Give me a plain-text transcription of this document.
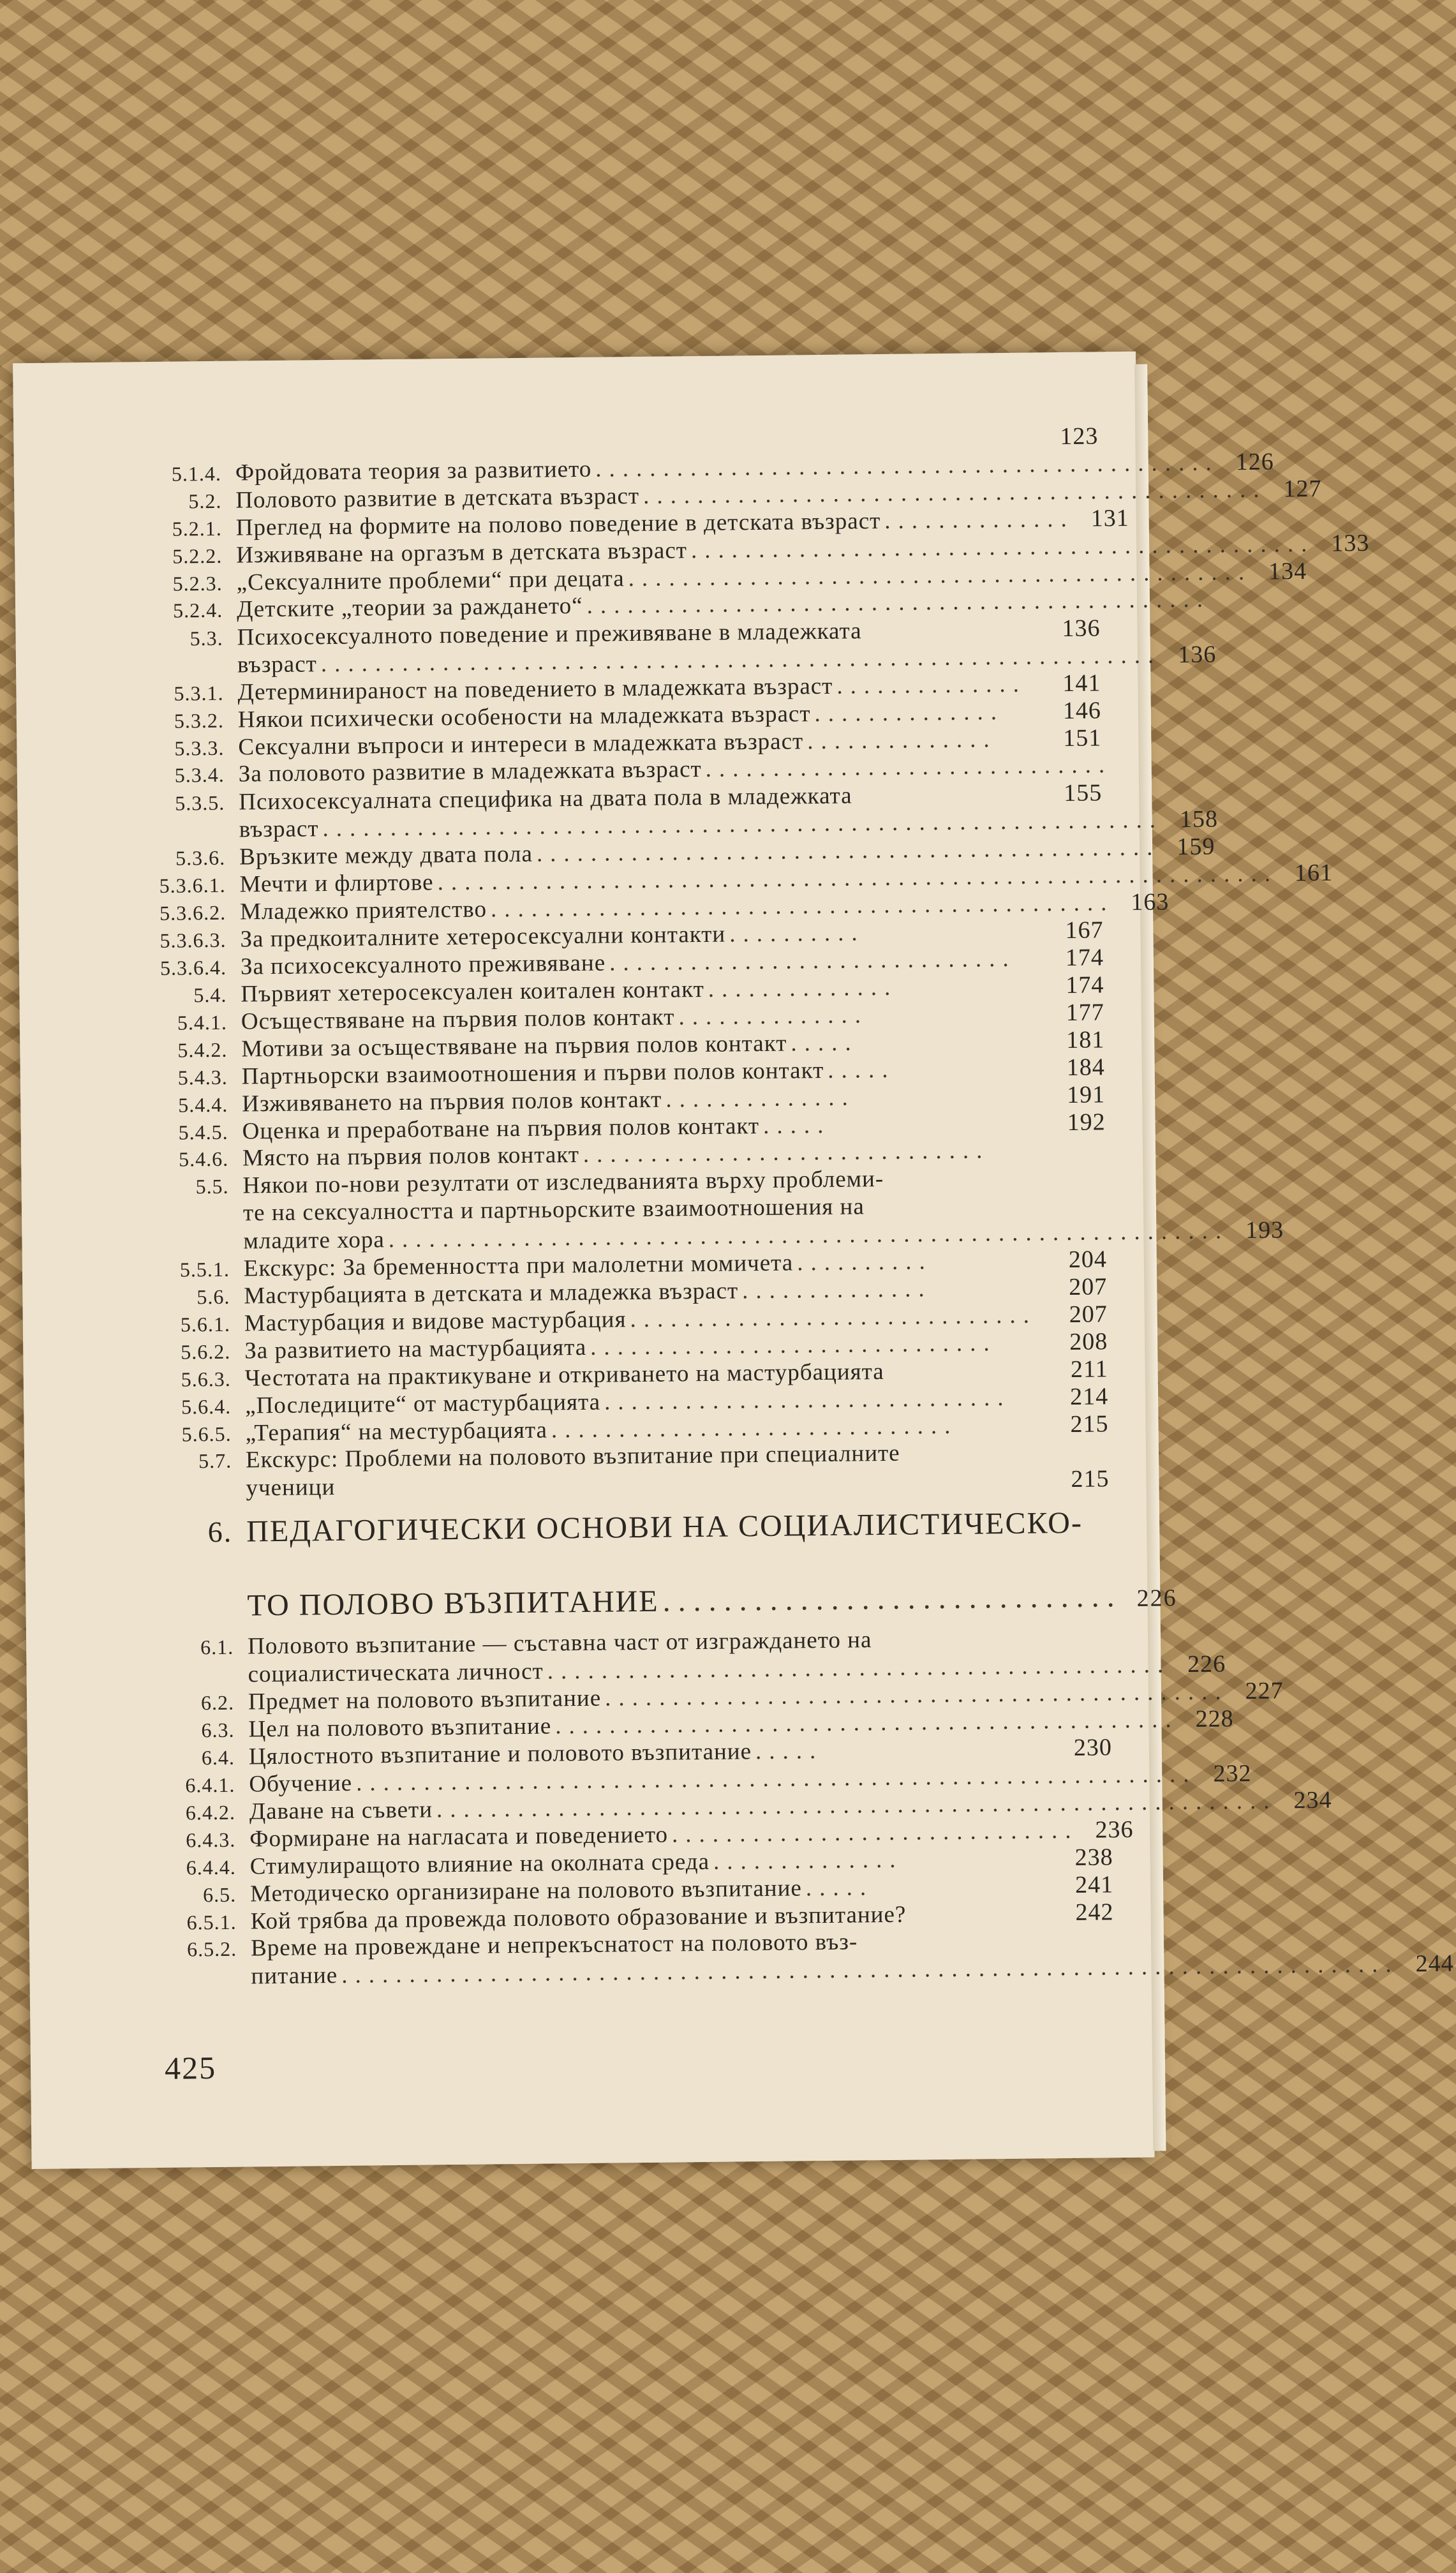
123
5.1.4. Фройдовата теория за развитието .............................................. 126
5.2. Половото развитие в детската възраст .............................................. 127
5.2.1. Преглед на формите на полово поведение в детската възраст .............. 131
5.2.2. Изживяване на оргазъм в детската възраст .............................................. 133
5.2.3. „Сексуалните проблеми“ при децата .............................................. 134
5.2.4. Детските „теории за раждането“ ..............................................
5.3. Психосексуалното поведение и преживяване в младежката	136
възраст .............................................................. 136
5.3.1. Детерминираност на поведението в младежката възраст ..............	141
5.3.2. Някои психически особености на младежката възраст ..............	146
5.3.3. Сексуални въпроси и интереси в младежката възраст ..............	151
5.3.4. За половото развитие в младежката възраст ..............................
5.3.5. Психосексуалната специфика на двата пола в младежката	155
възраст .............................................................. 158
5.3.6. Връзките между двата пола .............................................. 159
5.3.6.1. Мечти и флиртове .............................................................. 161
5.3.6.2. Младежко приятелство .............................................. 163
5.3.6.3. За предкоиталните хетеросексуални контакти ..........	167
5.3.6.4. За психосексуалното преживяване ..............................	174
5.4. Първият хетеросексуален коитален контакт ..............	174
5.4.1. Осъществяване на първия полов контакт ..............	177
5.4.2. Мотиви за осъществяване на първия полов контакт .....	181
5.4.3. Партньорски взаимоотношения и първи полов контакт .....	184
5.4.4. Изживяването на първия полов контакт ..............	191
5.4.5. Оценка и преработване на първия полов контакт .....	192
5.4.6. Място на първия полов контакт ..............................
5.5. Някои по-нови резултати от изследванията върху проблеми-
те на сексуалността и партньорските взаимоотношения на
младите хора .............................................................. 193
5.5.1. Екскурс: За бременността при малолетни момичета ..........	204
5.6. Мастурбацията в детската и младежка възраст ..............	207
5.6.1. Мастурбация и видове мастурбация ..............................	207
5.6.2. За развитието на мастурбацията ..............................	208
5.6.3. Честотата на практикуване и откриването на мастурбацията	211
5.6.4. „Последиците“ от мастурбацията ..............................	214
5.6.5. „Терапия“ на местурбацията ..............................	215
5.7. Екскурс: Проблеми на половото възпитание при специалните
ученици	215
6. ПЕДАГОГИЧЕСКИ ОСНОВИ НА СОЦИАЛИСТИЧЕСКО-
ТО ПОЛОВО ВЪЗПИТАНИЕ .............................. 226
6.1. Половото възпитание — съставна част от изграждането на
социалистическата личност .............................................. 226
6.2. Предмет на половото възпитание .............................................. 227
6.3. Цел на половото възпитание .............................................. 228
6.4. Цялостното възпитание и половото възпитание .....	230
6.4.1. Обучение .............................................................. 232
6.4.2. Даване на съвети .............................................................. 234
6.4.3. Формиране на нагласата и поведението .............................. 236
6.4.4. Стимулиращото влияние на околната среда ..............	238
6.5. Методическо организиране на половото възпитание .....	241
6.5.1. Кой трябва да провежда половото образование и възпитание?	242
6.5.2. Време на провеждане и непрекъснатост на половото въз-
питание .............................................................................. 244
425
